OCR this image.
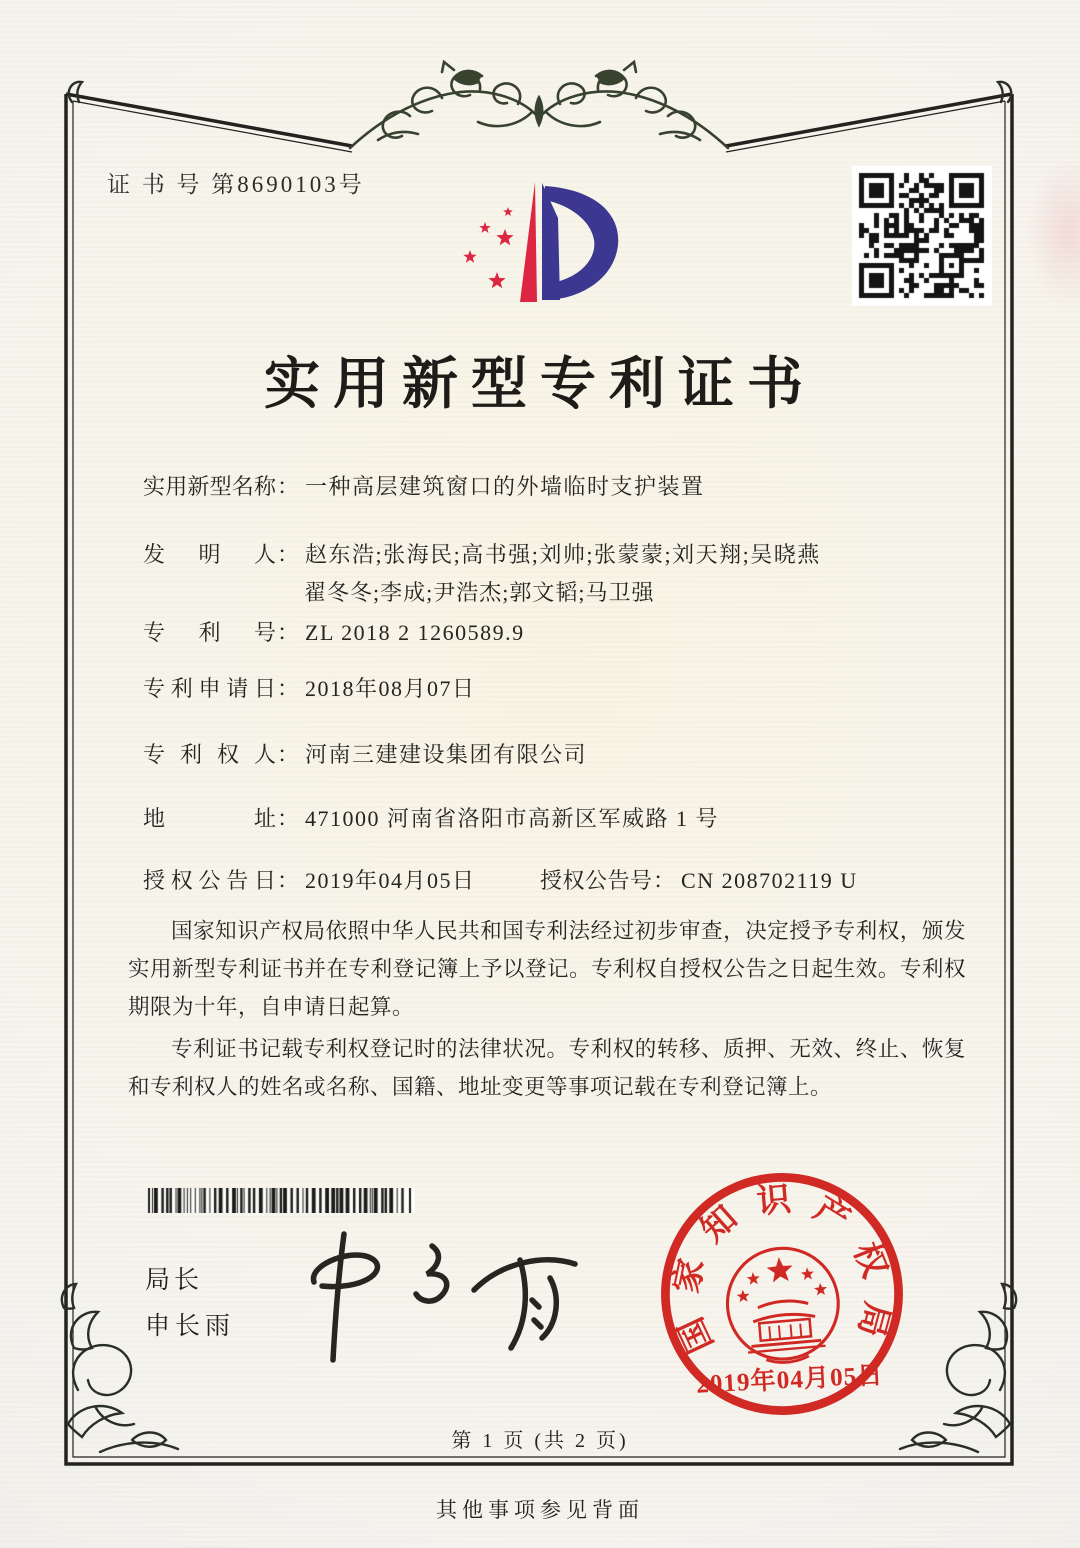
证 书 号 第8690103号
实用新型专利证书
实用新型名称： 一种高层建筑窗口的外墙临时支护装置
发明人： 赵东浩;张海民;高书强;刘帅;张蒙蒙;刘天翔;吴晓燕
翟冬冬;李成;尹浩杰;郭文韬;马卫强
专利号： ZL 2018 2 1260589.9
专利申请日： 2018年08月07日
专利权人： 河南三建建设集团有限公司
地址： 471000 河南省洛阳市高新区军威路 1 号
授权公告日： 2019年04月05日	授权公告号： CN 208702119 U

国家知识产权局依照中华人民共和国专利法经过初步审查，决定授予专利权，颁发实用新型专利证书并在专利登记簿上予以登记。专利权自授权公告之日起生效。专利权期限为十年，自申请日起算。

专利证书记载专利权登记时的法律状况。专利权的转移、质押、无效、终止、恢复和专利权人的姓名或名称、国籍、地址变更等事项记载在专利登记簿上。

局长
申长雨	国
家
知 识 产
权
局
2019年04月05日
第 1 页 (共 2 页)
其他事项参见背面
